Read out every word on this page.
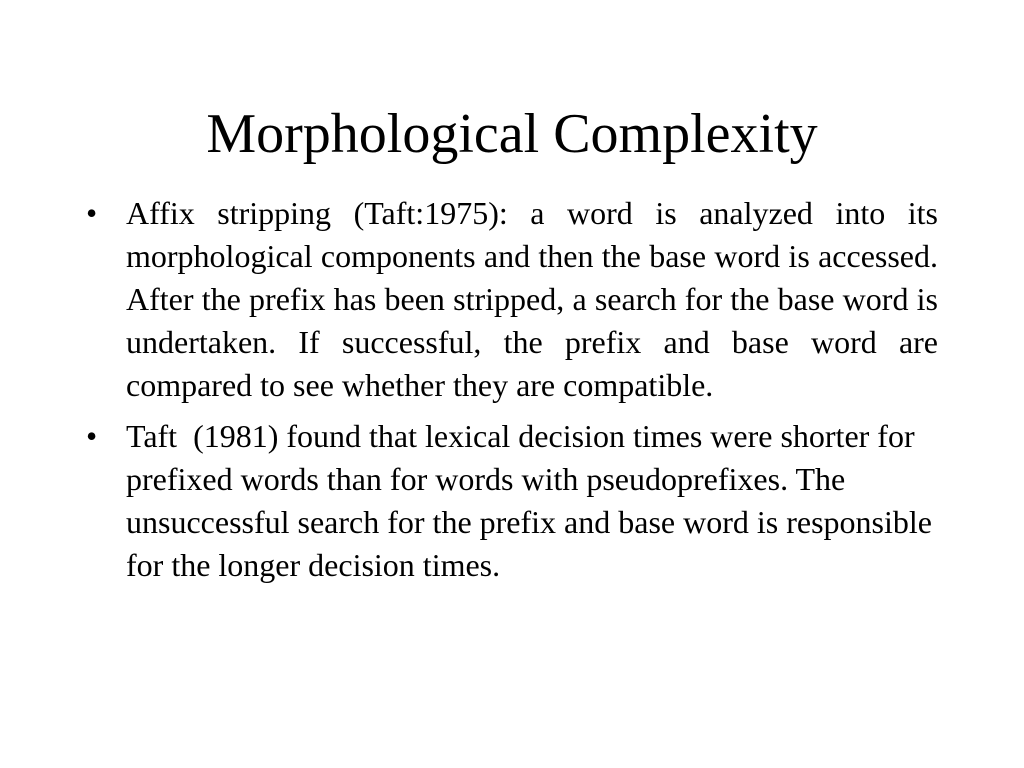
Morphological Complexity
• Affix stripping (Taft:1975): a word is analyzed into its morphological components and then the base word is accessed. After the prefix has been stripped, a search for the base word is undertaken. If successful, the prefix and base word are compared to see whether they are compatible.
• Taft  (1981) found that lexical decision times were shorter for prefixed words than for words with pseudoprefixes. The unsuccessful search for the prefix and base word is responsible for the longer decision times.
